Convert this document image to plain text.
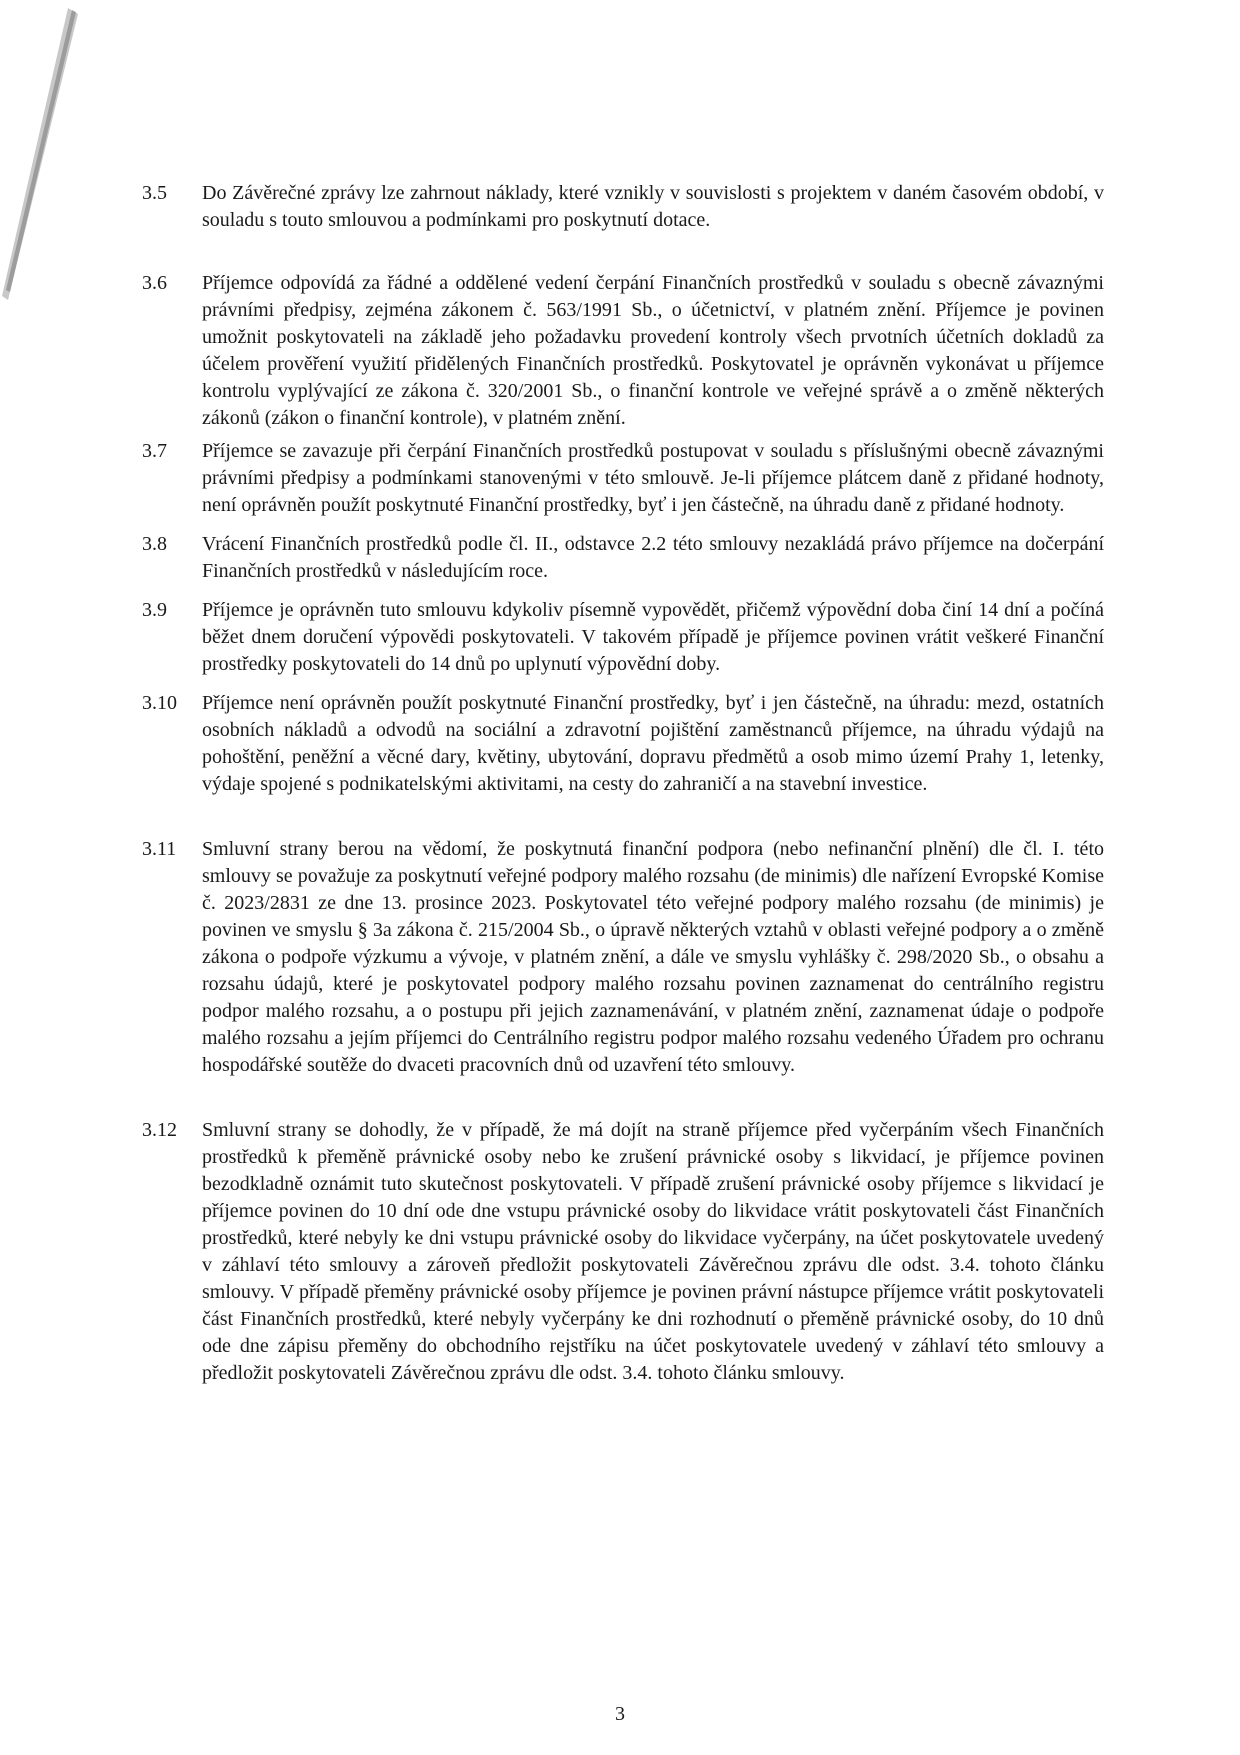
3.5	Do Závěrečné zprávy lze zahrnout náklady, které vznikly v souvislosti s projektem v daném časovém období, v souladu s touto smlouvou a podmínkami pro poskytnutí dotace.
3.6	Příjemce odpovídá za řádné a oddělené vedení čerpání Finančních prostředků v souladu s obecně závaznými právními předpisy, zejména zákonem č. 563/1991 Sb., o účetnictví, v platném znění. Příjemce je povinen umožnit poskytovateli na základě jeho požadavku provedení kontroly všech prvotních účetních dokladů za účelem prověření využití přidělených Finančních prostředků. Poskytovatel je oprávněn vykonávat u příjemce kontrolu vyplývající ze zákona č. 320/2001 Sb., o finanční kontrole ve veřejné správě a o změně některých zákonů (zákon o finanční kontrole), v platném znění.
3.7	Příjemce se zavazuje při čerpání Finančních prostředků postupovat v souladu s příslušnými obecně závaznými právními předpisy a podmínkami stanovenými v této smlouvě. Je-li příjemce plátcem daně z přidané hodnoty, není oprávněn použít poskytnuté Finanční prostředky, byť i jen částečně, na úhradu daně z přidané hodnoty.
3.8	Vrácení Finančních prostředků podle čl. II., odstavce 2.2 této smlouvy nezakládá právo příjemce na dočerpání Finančních prostředků v následujícím roce.
3.9	Příjemce je oprávněn tuto smlouvu kdykoliv písemně vypovědět, přičemž výpovědní doba činí 14 dní a počíná běžet dnem doručení výpovědi poskytovateli. V takovém případě je příjemce povinen vrátit veškeré Finanční prostředky poskytovateli do 14 dnů po uplynutí výpovědní doby.
3.10	Příjemce není oprávněn použít poskytnuté Finanční prostředky, byť i jen částečně, na úhradu: mezd, ostatních osobních nákladů a odvodů na sociální a zdravotní pojištění zaměstnanců příjemce, na úhradu výdajů na pohoštění, peněžní a věcné dary, květiny, ubytování, dopravu předmětů a osob mimo území Prahy 1, letenky, výdaje spojené s podnikatelskými aktivitami, na cesty do zahraničí a na stavební investice.
3.11	Smluvní strany berou na vědomí, že poskytnutá finanční podpora (nebo nefinanční plnění) dle čl. I. této smlouvy se považuje za poskytnutí veřejné podpory malého rozsahu (de minimis) dle nařízení Evropské Komise č. 2023/2831 ze dne 13. prosince 2023. Poskytovatel této veřejné podpory malého rozsahu (de minimis) je povinen ve smyslu § 3a zákona č. 215/2004 Sb., o úpravě některých vztahů v oblasti veřejné podpory a o změně zákona o podpoře výzkumu a vývoje, v platném znění, a dále ve smyslu vyhlášky č. 298/2020 Sb., o obsahu a rozsahu údajů, které je poskytovatel podpory malého rozsahu povinen zaznamenat do centrálního registru podpor malého rozsahu, a o postupu při jejich zaznamenávání, v platném znění, zaznamenat údaje o podpoře malého rozsahu a jejím příjemci do Centrálního registru podpor malého rozsahu vedeného Úřadem pro ochranu hospodářské soutěže do dvaceti pracovních dnů od uzavření této smlouvy.
3.12	Smluvní strany se dohodly, že v případě, že má dojít na straně příjemce před vyčerpáním všech Finančních prostředků k přeměně právnické osoby nebo ke zrušení právnické osoby s likvidací, je příjemce povinen bezodkladně oznámit tuto skutečnost poskytovateli. V případě zrušení právnické osoby příjemce s likvidací je příjemce povinen do 10 dní ode dne vstupu právnické osoby do likvidace vrátit poskytovateli část Finančních prostředků, které nebyly ke dni vstupu právnické osoby do likvidace vyčerpány, na účet poskytovatele uvedený v záhlaví této smlouvy a zároveň předložit poskytovateli Závěrečnou zprávu dle odst. 3.4. tohoto článku smlouvy. V případě přeměny právnické osoby příjemce je povinen právní nástupce příjemce vrátit poskytovateli část Finančních prostředků, které nebyly vyčerpány ke dni rozhodnutí o přeměně právnické osoby, do 10 dnů ode dne zápisu přeměny do obchodního rejstříku na účet poskytovatele uvedený v záhlaví této smlouvy a předložit poskytovateli Závěrečnou zprávu dle odst. 3.4. tohoto článku smlouvy.
3
